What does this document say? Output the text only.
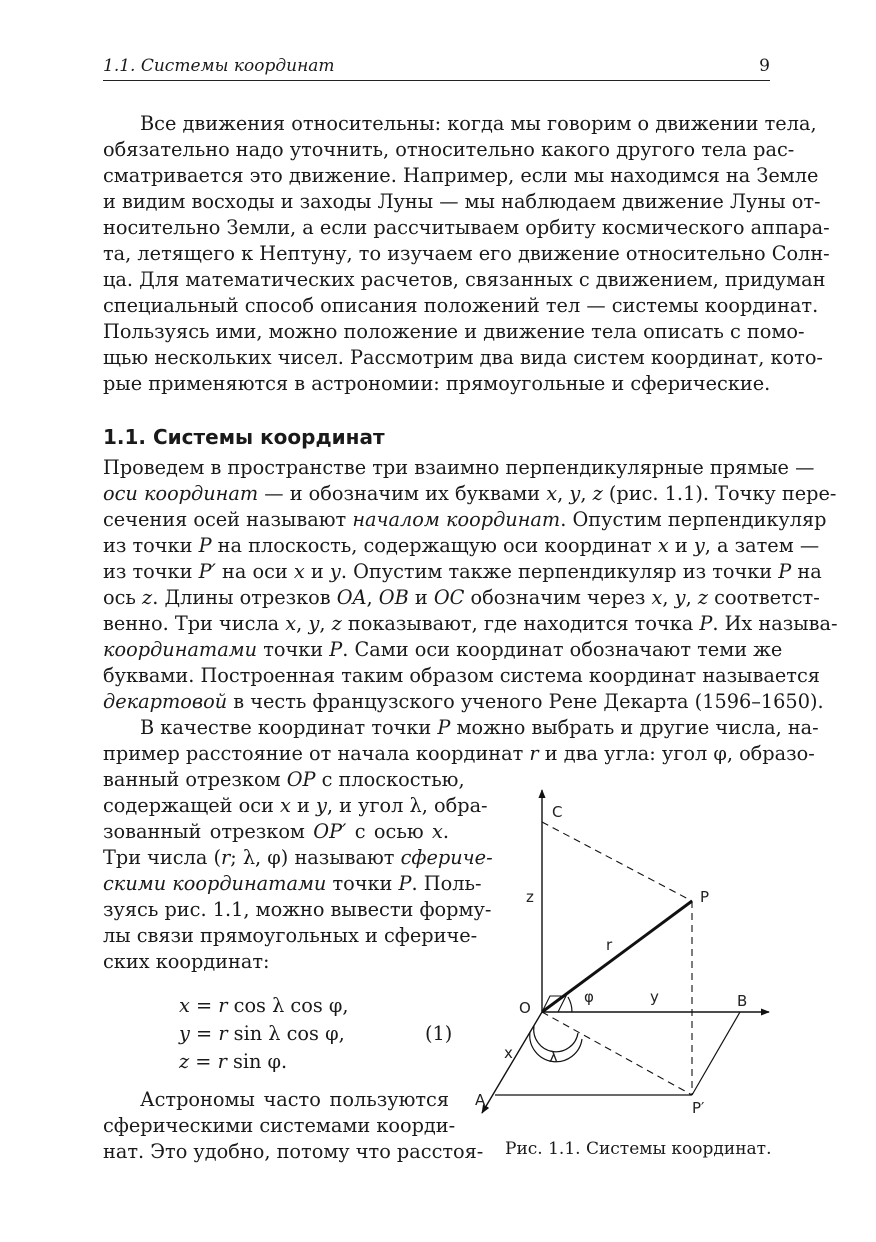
1.1. Системы координат	9
Все движения относительны: когда мы говорим о движении тела,
обязательно надо уточнить, относительно какого другого тела рас-
сматривается это движение. Например, если мы находимся на Земле
и видим восходы и заходы Луны — мы наблюдаем движение Луны от-
носительно Земли, а если рассчитываем орбиту космического аппара-
та, летящего к Нептуну, то изучаем его движение относительно Солн-
ца. Для математических расчетов, связанных с движением, придуман
специальный способ описания положений тел — системы координат.
Пользуясь ими, можно положение и движение тела описать с помо-
щью нескольких чисел. Рассмотрим два вида систем координат, кото-
рые применяются в астрономии: прямоугольные и сферические.
1.1. Системы координат
Проведем в пространстве три взаимно перпендикулярные прямые —
оси координат — и обозначим их буквами x, y, z (рис. 1.1). Точку пере-
сечения осей называют началом координат. Опустим перпендикуляр
из точки P на плоскость, содержащую оси координат x и y, а затем —
из точки P′ на оси x и y. Опустим также перпендикуляр из точки P на
ось z. Длины отрезков OA, OB и OC обозначим через x, y, z соответст-
венно. Три числа x, y, z показывают, где находится точка P. Их называ-
координатами точки P. Сами оси координат обозначают теми же
буквами. Построенная таким образом система координат называется
декартовой в честь французского ученого Рене Декарта (1596–1650).
В качестве координат точки P можно выбрать и другие числа, на-
пример расстояние от начала координат r и два угла: угол φ, образо-
ванный отрезком OP с плоскостью,
содержащей оси x и y, и угол λ, обра-
зованный отрезком OP′ с осью x.
Три числа (r; λ, φ) называют сфериче-
скими координатами точки P. Поль-
зуясь рис. 1.1, можно вывести форму-
лы связи прямоугольных и сфериче-
ских координат:
x = r cos λ cos φ,
y = r sin λ cos φ,
z = r sin φ.
(1)
Астрономы часто пользуются
сферическими системами коорди-
нат. Это удобно, потому что расстоя-
C
P
z
r
φ	y	B
O
x λ
A	P′
Рис. 1.1. Системы координат.
